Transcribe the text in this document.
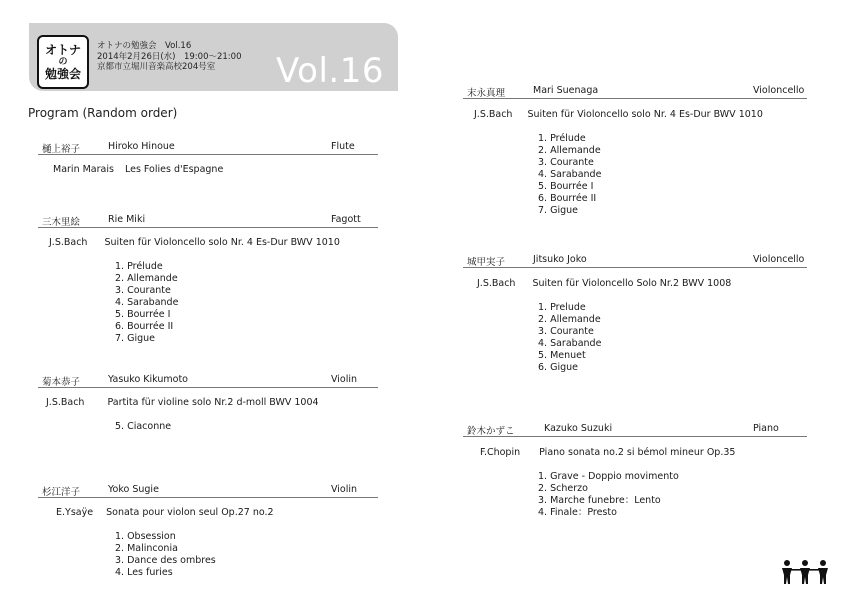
オトナ
の
勉強会
オトナの勉強会　Vol.16
2014年2月26日(水)　19:00～21:00
京都市立堀川音楽高校204号室	Vol.16
Program (Random order)
樋上裕子	Hiroko Hinoue	Flute
Marin Marais Les Folies d'Espagne
三木里絵	Rie Miki	Fagott
J.S.Bach Suiten für Violoncello solo Nr. 4 Es-Dur BWV 1010
1. Prélude
2. Allemande
3. Courante
4. Sarabande
5. Bourrée I
6. Bourrée II
7. Gigue
菊本恭子	Yasuko Kikumoto	Violin
J.S.Bach Partita für violine solo Nr.2 d-moll BWV 1004
5. Ciaconne
杉江洋子	Yoko Sugie	Violin
E.Ysaÿe Sonata pour violon seul Op.27 no.2
1. Obsession
2. Malinconia
3. Dance des ombres
4. Les furies
末永真理	Mari Suenaga	Violoncello
J.S.Bach Suiten für Violoncello solo Nr. 4 Es-Dur BWV 1010
1. Prélude
2. Allemande
3. Courante
4. Sarabande
5. Bourrée I
6. Bourrée II
7. Gigue
城甲実子	Jitsuko Joko	Violoncello
J.S.Bach Suiten für Violoncello Solo Nr.2 BWV 1008
1. Prelude
2. Allemande
3. Courante
4. Sarabande
5. Menuet
6. Gigue
鈴木かずこ	Kazuko Suzuki	Piano
F.Chopin Piano sonata no.2 si bémol mineur Op.35
1. Grave - Doppio movimento
2. Scherzo
3. Marche funebre：Lento
4. Finale：Presto
